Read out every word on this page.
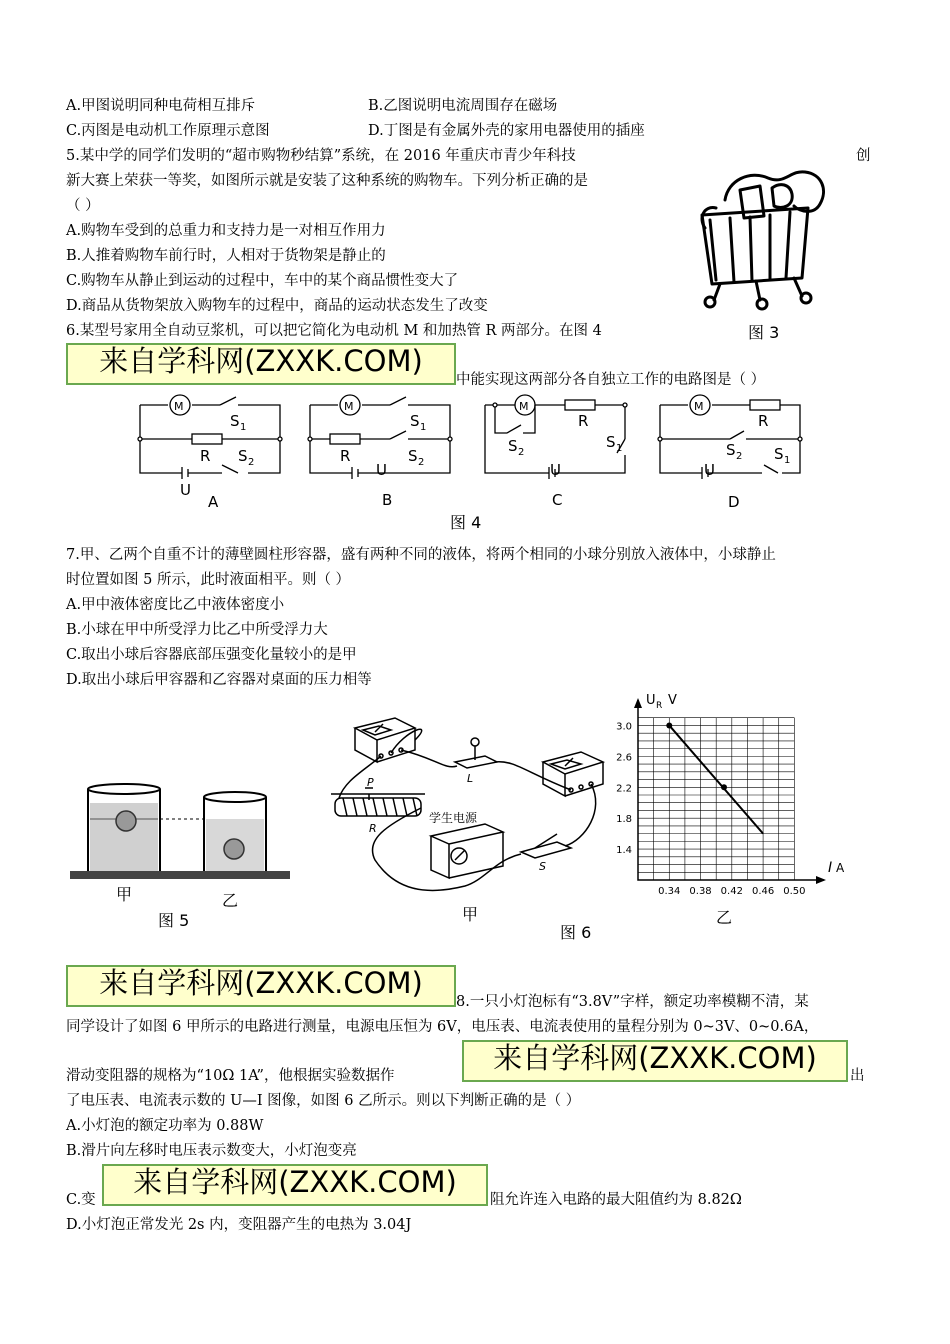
A.甲图说明同种电荷相互排斥	B.乙图说明电流周围存在磁场
C.丙图是电动机工作原理示意图	D.丁图是有金属外壳的家用电器使用的插座
5.某中学的同学们发明的“超市购物秒结算”系统，在 2016 年重庆市青少年科技	创
新大赛上荣获一等奖，如图所示就是安装了这种系统的购物车。下列分析正确的是
（ ）
A.购物车受到的总重力和支持力是一对相互作用力
B.人推着购物车前行时，人相对于货物架是静止的
C.购物车从静止到运动的过程中，车中的某个商品惯性变大了
D.商品从货物架放入购物车的过程中，商品的运动状态发生了改变
图 3
6.某型号家用全自动豆浆机，可以把它简化为电动机 M 和加热管 R 两部分。在图 4
来自学科网(ZXXK.COM)
中能实现这两部分各自独立工作的电路图是（ ）
M	M	M	M
S 1
R S 2
U
A
S 1
R	S 2
U
B
R
S 2
S 1
U
C
R
S 2 S 1
U
D
图 4
7.甲、乙两个自重不计的薄壁圆柱形容器，盛有两种不同的液体，将两个相同的小球分别放入液体中，小球静止
时位置如图 5 所示，此时液面相平。则（ ）
A.甲中液体密度比乙中液体密度小
B.小球在甲中所受浮力比乙中所受浮力大
C.取出小球后容器底部压强变化量较小的是甲
D.取出小球后甲容器和乙容器对桌面的压力相等
甲	乙
图 5
P
R
L
S
学生电源
甲
图 6
0.34 0.38 0.42 0.46 0.50
3.0
2.6
2.2
1.8
1.4
U R V
I A
乙
来自学科网(ZXXK.COM)
8.一只小灯泡标有“3.8V”字样，额定功率模糊不清，某
同学设计了如图 6 甲所示的电路进行测量，电源电压恒为 6V，电压表、电流表使用的量程分别为 0~3V、0~0.6A，
滑动变阻器的规格为“10Ω 1A”，他根据实验数据作
来自学科网(ZXXK.COM)
出
了电压表、电流表示数的 U—I 图像，如图 6 乙所示。则以下判断正确的是（ ）
A.小灯泡的额定功率为 0.88W
B.滑片向左移时电压表示数变大，小灯泡变亮
C.变
来自学科网(ZXXK.COM)
阻允许连入电路的最大阻值约为 8.82Ω
D.小灯泡正常发光 2s 内，变阻器产生的电热为 3.04J
